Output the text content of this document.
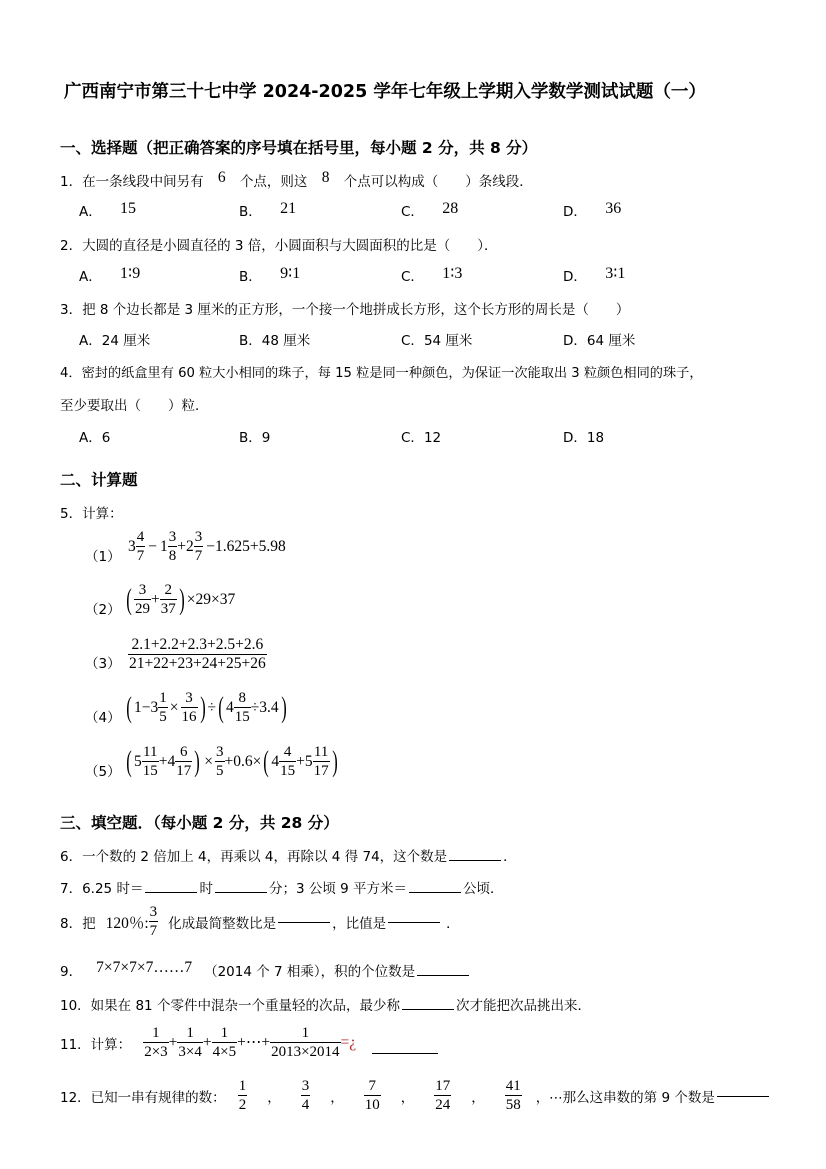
广西南宁市第三十七中学 2024-2025 学年七年级上学期入学数学测试试题（一）
一、选择题（把正确答案的序号填在括号里，每小题 2 分，共 8 分）
1．在一条线段中间另有 6 个点，则这 8 个点可以构成（　　）条线段．
A． 15	B． 21	C． 28	D． 36
2．大圆的直径是小圆直径的 3 倍，小圆面积与大圆面积的比是（　　）．
A． 1∶9	B． 9∶1	C． 1∶3	D． 3∶1
3．把 8 个边长都是 3 厘米的正方形，一个接一个地拼成长方形，这个长方形的周长是（　　）
A．24 厘米	B．48 厘米	C．54 厘米	D．64 厘米
4．密封的纸盒里有 60 粒大小相同的珠子，每 15 粒是同一种颜色，为保证一次能取出 3 粒颜色相同的珠子，
至少要取出（　　）粒．
A．6	B．9	C．12	D．18
二、计算题
5．计算：
（1）
$3 \frac{4}{7} - 1 \frac{3}{8} + 2 \frac{3}{7} -1.625+5.98$
（2） ( $\frac{3}{29} + \frac{2}{37}$ ) ×29×37
$(3) \frac{2.1+2.2+2.3+2.5+2.6}{21+22+23+24+25+26}$
（4） ( $1-3 \frac{1}{5} \times \frac{3}{16}$ ) ÷ ( $4 \frac{8}{15} \div 3.4$ )
（5） ( $5 \frac{11}{15} +4 \frac{6}{17}$ ) × $\frac{3}{5} +0.6\times$ ( $4 \frac{4}{15} +5 \frac{11}{17}$ )
三、填空题．（每小题 2 分，共 28 分）
6．一个数的 2 倍加上 4，再乘以 4，再除以 4 得 74，这个数是	．
7．6.25 时＝	时	分；3 公顷 9 平方米＝	公顷．
8．把 120％: $\frac{3}{7}$ 化成最简整数比是	，比值是	．
9． 7×7×7×7……7 （2014 个 7 相乘），积的个位数是
10．如果在 81 个零件中混杂一个重量轻的次品，最少称	次才能把次品挑出来．
11．计算： $\frac{1}{2\times 3} + \frac{1}{3\times 4} + \frac{1}{4\times 5}$ +⋯+ $\frac{1}{2013\times 2014}$ =¿
12．已知一串有规律的数： $\frac{1}{2}$ ， $\frac{3}{4}$ ， $\frac{7}{10}$ ， $\frac{17}{24}$ ， $\frac{41}{58}$ ，⋯那么这串数的第 9 个数是
